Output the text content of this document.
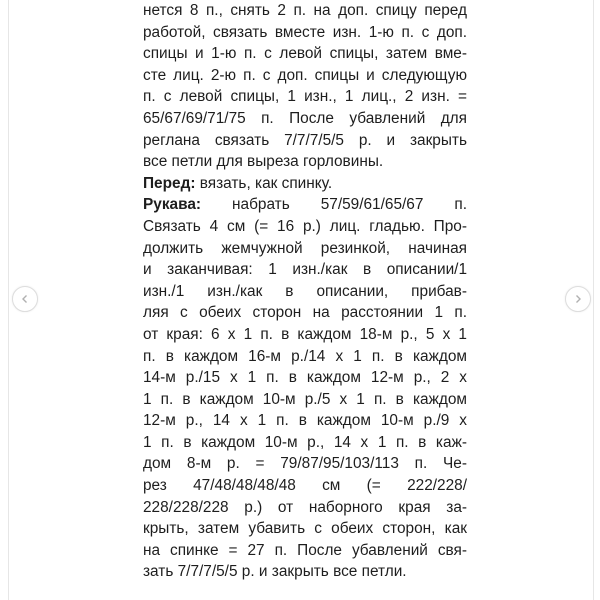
нется 8 п., снять 2 п. на доп. спицу перед
работой, связать вместе изн. 1-ю п. с доп.
спицы и 1-ю п. с левой спицы, затем вме-
сте лиц. 2-ю п. с доп. спицы и следующую
п. с левой спицы, 1 изн., 1 лиц., 2 изн. =
65/67/69/71/75 п. После убавлений для
реглана связать 7/7/7/5/5 р. и закрыть
все петли для выреза горловины.
Перед: вязать, как спинку.
Рукава: набрать 57/59/61/65/67 п.
Связать 4 см (= 16 р.) лиц. гладью. Про-
должить жемчужной резинкой, начиная
и заканчивая: 1 изн./как в описании/1
изн./1 изн./как в описании, прибав-
ляя с обеих сторон на расстоянии 1 п.
от края: 6 х 1 п. в каждом 18-м р., 5 х 1
п. в каждом 16-м р./14 х 1 п. в каждом
14-м р./15 х 1 п. в каждом 12-м р., 2 х
1 п. в каждом 10-м р./5 х 1 п. в каждом
12-м р., 14 х 1 п. в каждом 10-м р./9 х
1 п. в каждом 10-м р., 14 х 1 п. в каж-
дом 8-м р. = 79/87/95/103/113 п. Че-
рез 47/48/48/48/48 см (= 222/228/
228/228/228 р.) от наборного края за-
крыть, затем убавить с обеих сторон, как
на спинке = 27 п. После убавлений свя-
зать 7/7/7/5/5 р. и закрыть все петли.
